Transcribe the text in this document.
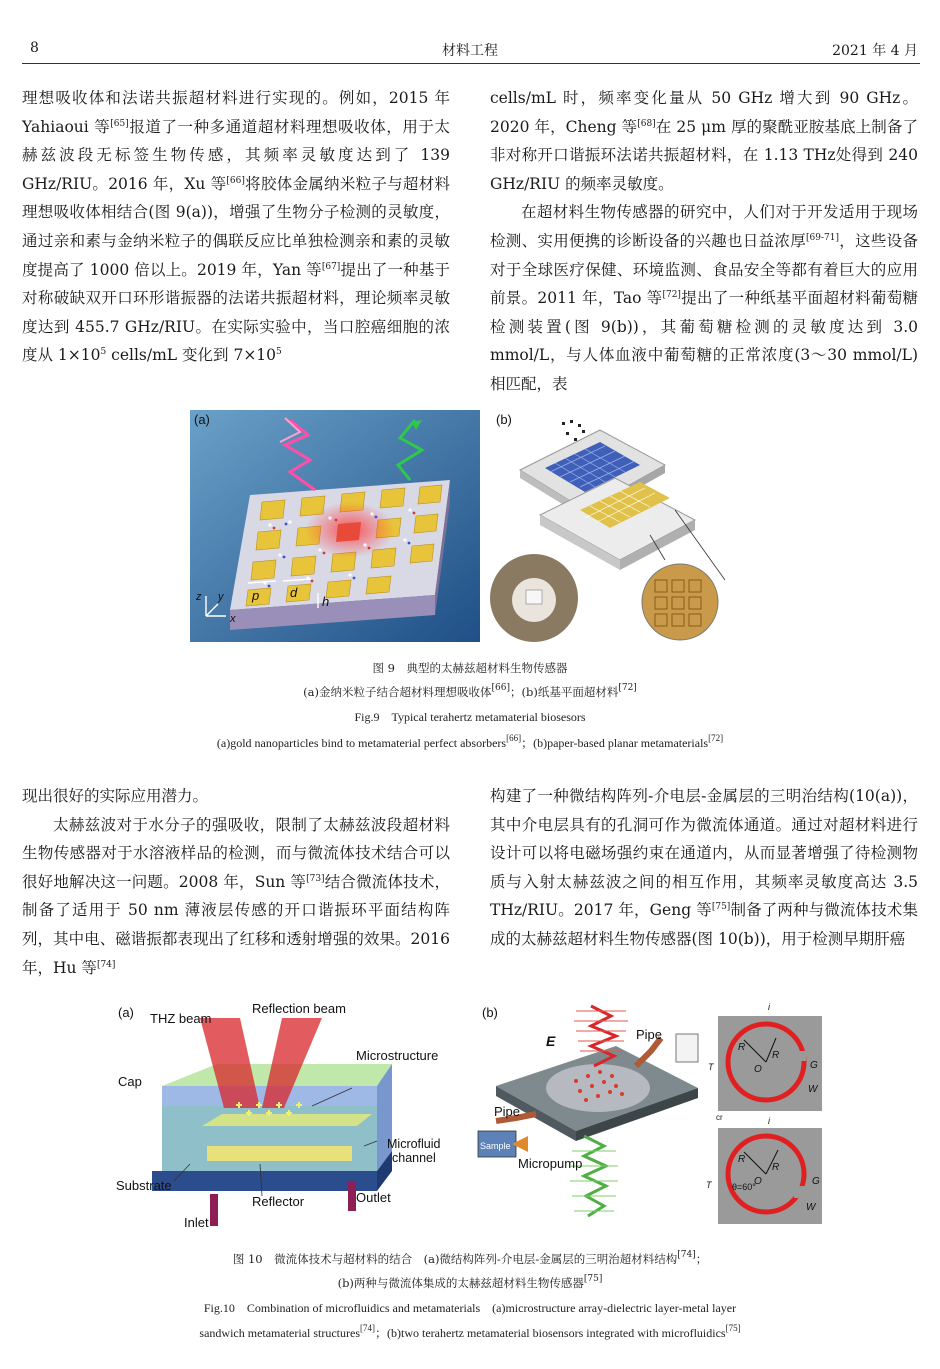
8	材料工程	2021 年 4 月

理想吸收体和法诺共振超材料进行实现的。例如，2015 年 Yahiaoui 等[65]报道了一种多通道超材料理想吸收体，用于太赫兹波段无标签生物传感，其频率灵敏度达到了 139 GHz/RIU。2016 年，Xu 等[66]将胶体金属纳米粒子与超材料理想吸收体相结合(图 9(a))，增强了生物分子检测的灵敏度，通过亲和素与金纳米粒子的偶联反应比单独检测亲和素的灵敏度提高了 1000 倍以上。2019 年，Yan 等[67]提出了一种基于对称破缺双开口环形谐振器的法诺共振超材料，理论频率灵敏度达到 455.7 GHz/RIU。在实际实验中，当口腔癌细胞的浓度从 $1\times 10^5$ cells/mL 变化到 $7\times 10^5$

cells/mL 时，频率变化量从 50 GHz 增大到 90 GHz。2020 年，Cheng 等[68]在 25 μm 厚的聚酰亚胺基底上制备了非对称开口谐振环法诺共振超材料，在 1.13 THz处得到 240 GHz/RIU 的频率灵敏度。

在超材料生物传感器的研究中，人们对于开发适用于现场检测、实用便携的诊断设备的兴趣也日益浓厚[69-71]，这些设备对于全球医疗保健、环境监测、食品安全等都有着巨大的应用前景。2011 年，Tao 等[72]提出了一种纸基平面超材料葡萄糖检测装置(图 9(b))，其葡萄糖检测的灵敏度达到 3.0 mmol/L，与人体血液中葡萄糖的正常浓度(3～30 mmol/L)相匹配，表

(a)
p d
h
x
y
z
(b)
图 9　典型的太赫兹超材料生物传感器
(a)金纳米粒子结合超材料理想吸收体[66]；(b)纸基平面超材料[72]
Fig.9　Typical terahertz metamaterial biosesors
(a)gold nanoparticles bind to metamaterial perfect absorbers[66]；(b)paper-based planar metamaterials[72]

现出很好的实际应用潜力。

太赫兹波对于水分子的强吸收，限制了太赫兹波段超材料生物传感器对于水溶液样品的检测，而与微流体技术结合可以很好地解决这一问题。2008 年，Sun 等[73]结合微流体技术，制备了适用于 50 nm 薄液层传感的开口谐振环平面结构阵列，其中电、磁谐振都表现出了红移和透射增强的效果。2016 年，Hu 等[74]

构建了一种微结构阵列-介电层-金属层的三明治结构(10(a))，其中介电层具有的孔洞可作为微流体通道。通过对超材料进行设计可以将电磁场强约束在通道内，从而显著增强了待检测物质与入射太赫兹波之间的相互作用，其频率灵敏度高达 3.5 THz/RIU。2017 年，Geng 等[75]制备了两种与微流体技术集成的太赫兹超材料生物传感器(图 10(b))，用于检测早期肝癌

(a) THZ beam
Reflection beam
Microstructure
Cap
Microfluid
channel
Substrate
Reflector	Outlet
Inlet
(b)
E	Pipe
Pipe
Sample
Micropump
i
R
R
G
W
O
i
R
R
G
W
O
θ=60°
T
T
cr
图 10　微流体技术与超材料的结合　(a)微结构阵列-介电层-金属层的三明治超材料结构[74]；
(b)两种与微流体集成的太赫兹超材料生物传感器[75]
Fig.10　Combination of microfluidics and metamaterials　(a)microstructure array-dielectric layer-metal layer
sandwich metamaterial structures[74]；(b)two terahertz metamaterial biosensors integrated with microfluidics[75]
